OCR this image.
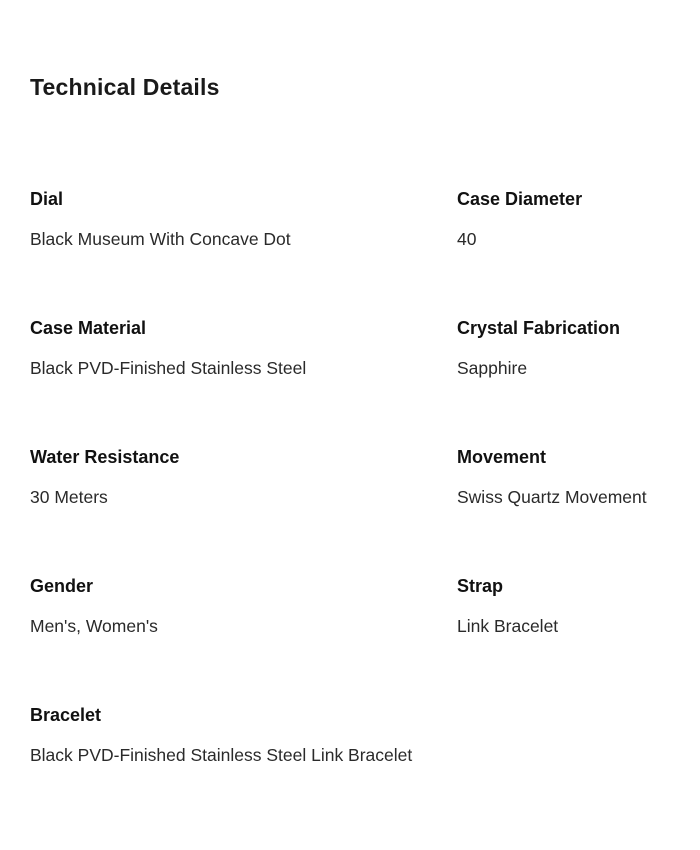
Technical Details
Dial
Black Museum With Concave Dot
Case Diameter
40
Case Material
Black PVD-Finished Stainless Steel
Crystal Fabrication
Sapphire
Water Resistance
30 Meters
Movement
Swiss Quartz Movement
Gender
Men's, Women's
Strap
Link Bracelet
Bracelet
Black PVD-Finished Stainless Steel Link Bracelet
